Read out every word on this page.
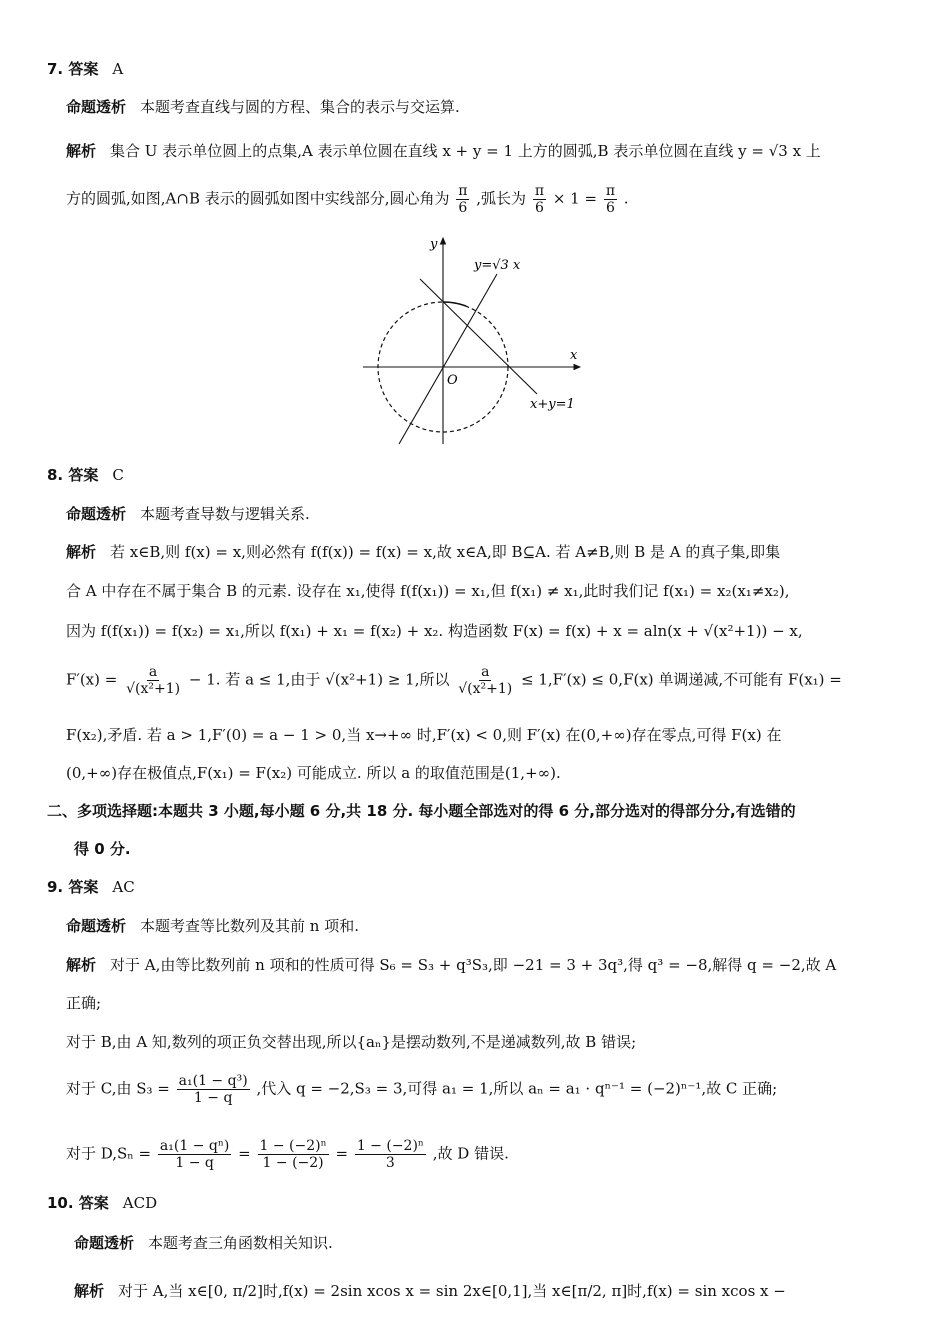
7. 答案 A
命题透析 本题考查直线与圆的方程、集合的表示与交运算.
解析 集合 U 表示单位圆上的点集,A 表示单位圆在直线 x + y = 1 上方的圆弧,B 表示单位圆在直线 y = √3 x 上
方的圆弧,如图,A∩B 表示的圆弧如图中实线部分,圆心角为 $\frac{\pi}{6}$ ,弧长为 $\frac{\pi}{6} \times 1 = \frac{\pi}{6}$ .
y
x
O
y=√3 x
x+y=1
8. 答案 C
命题透析 本题考查导数与逻辑关系.
解析 若 x∈B,则 f(x) = x,则必然有 f(f(x)) = f(x) = x,故 x∈A,即 B⊆A. 若 A≠B,则 B 是 A 的真子集,即集
合 A 中存在不属于集合 B 的元素. 设存在 x₁,使得 f(f(x₁)) = x₁,但 f(x₁) ≠ x₁,此时我们记 f(x₁) = x₂(x₁≠x₂),
因为 f(f(x₁)) = f(x₂) = x₁,所以 f(x₁) + x₁ = f(x₂) + x₂. 构造函数 F(x) = f(x) + x = aln(x + √(x²+1)) − x,
$F'(x) = \frac{a}{\text{√(x²+1)}} - 1$. 若 a ≤ 1,由于 √(x²+1) ≥ 1,所以 $\frac{a}{\text{√(x²+1)}} \le 1,F'(x) \le 0,F(x)$ 单调递减,不可能有 F(x₁) =
F(x₂),矛盾. 若 a > 1,F′(0) = a − 1 > 0,当 x→+∞ 时,F′(x) < 0,则 F′(x) 在(0,+∞)存在零点,可得 F(x) 在
(0,+∞)存在极值点,F(x₁) = F(x₂) 可能成立. 所以 a 的取值范围是(1,+∞).
二、多项选择题:本题共 3 小题,每小题 6 分,共 18 分. 每小题全部选对的得 6 分,部分选对的得部分分,有选错的
得 0 分.
9. 答案 AC
命题透析 本题考查等比数列及其前 n 项和.
解析 对于 A,由等比数列前 n 项和的性质可得 S₆ = S₃ + q³S₃,即 −21 = 3 + 3q³,得 q³ = −8,解得 q = −2,故 A
正确;
对于 B,由 A 知,数列的项正负交替出现,所以{aₙ}是摆动数列,不是递减数列,故 B 错误;
对于 C,由 $S_3 = \frac{\text{a₁(1 − q³)}}{1 - q}$ ,代入 q = −2,S₃ = 3,可得 a₁ = 1,所以 aₙ = a₁ · qⁿ⁻¹ = (−2)ⁿ⁻¹,故 C 正确;
对于 $D,S_n = \frac{\text{a₁(1 − qⁿ)}}{1 - q} = \frac{\text{1 − (−2)ⁿ}}{1 - (-2)} = \frac{\text{1 − (−2)ⁿ}}{3}$ ,故 D 错误.
10. 答案 ACD
命题透析 本题考查三角函数相关知识.
解析 对于 A,当 x∈[0, π/2]时,f(x) = 2sin xcos x = sin 2x∈[0,1],当 x∈[π/2, π]时,f(x) = sin xcos x −
